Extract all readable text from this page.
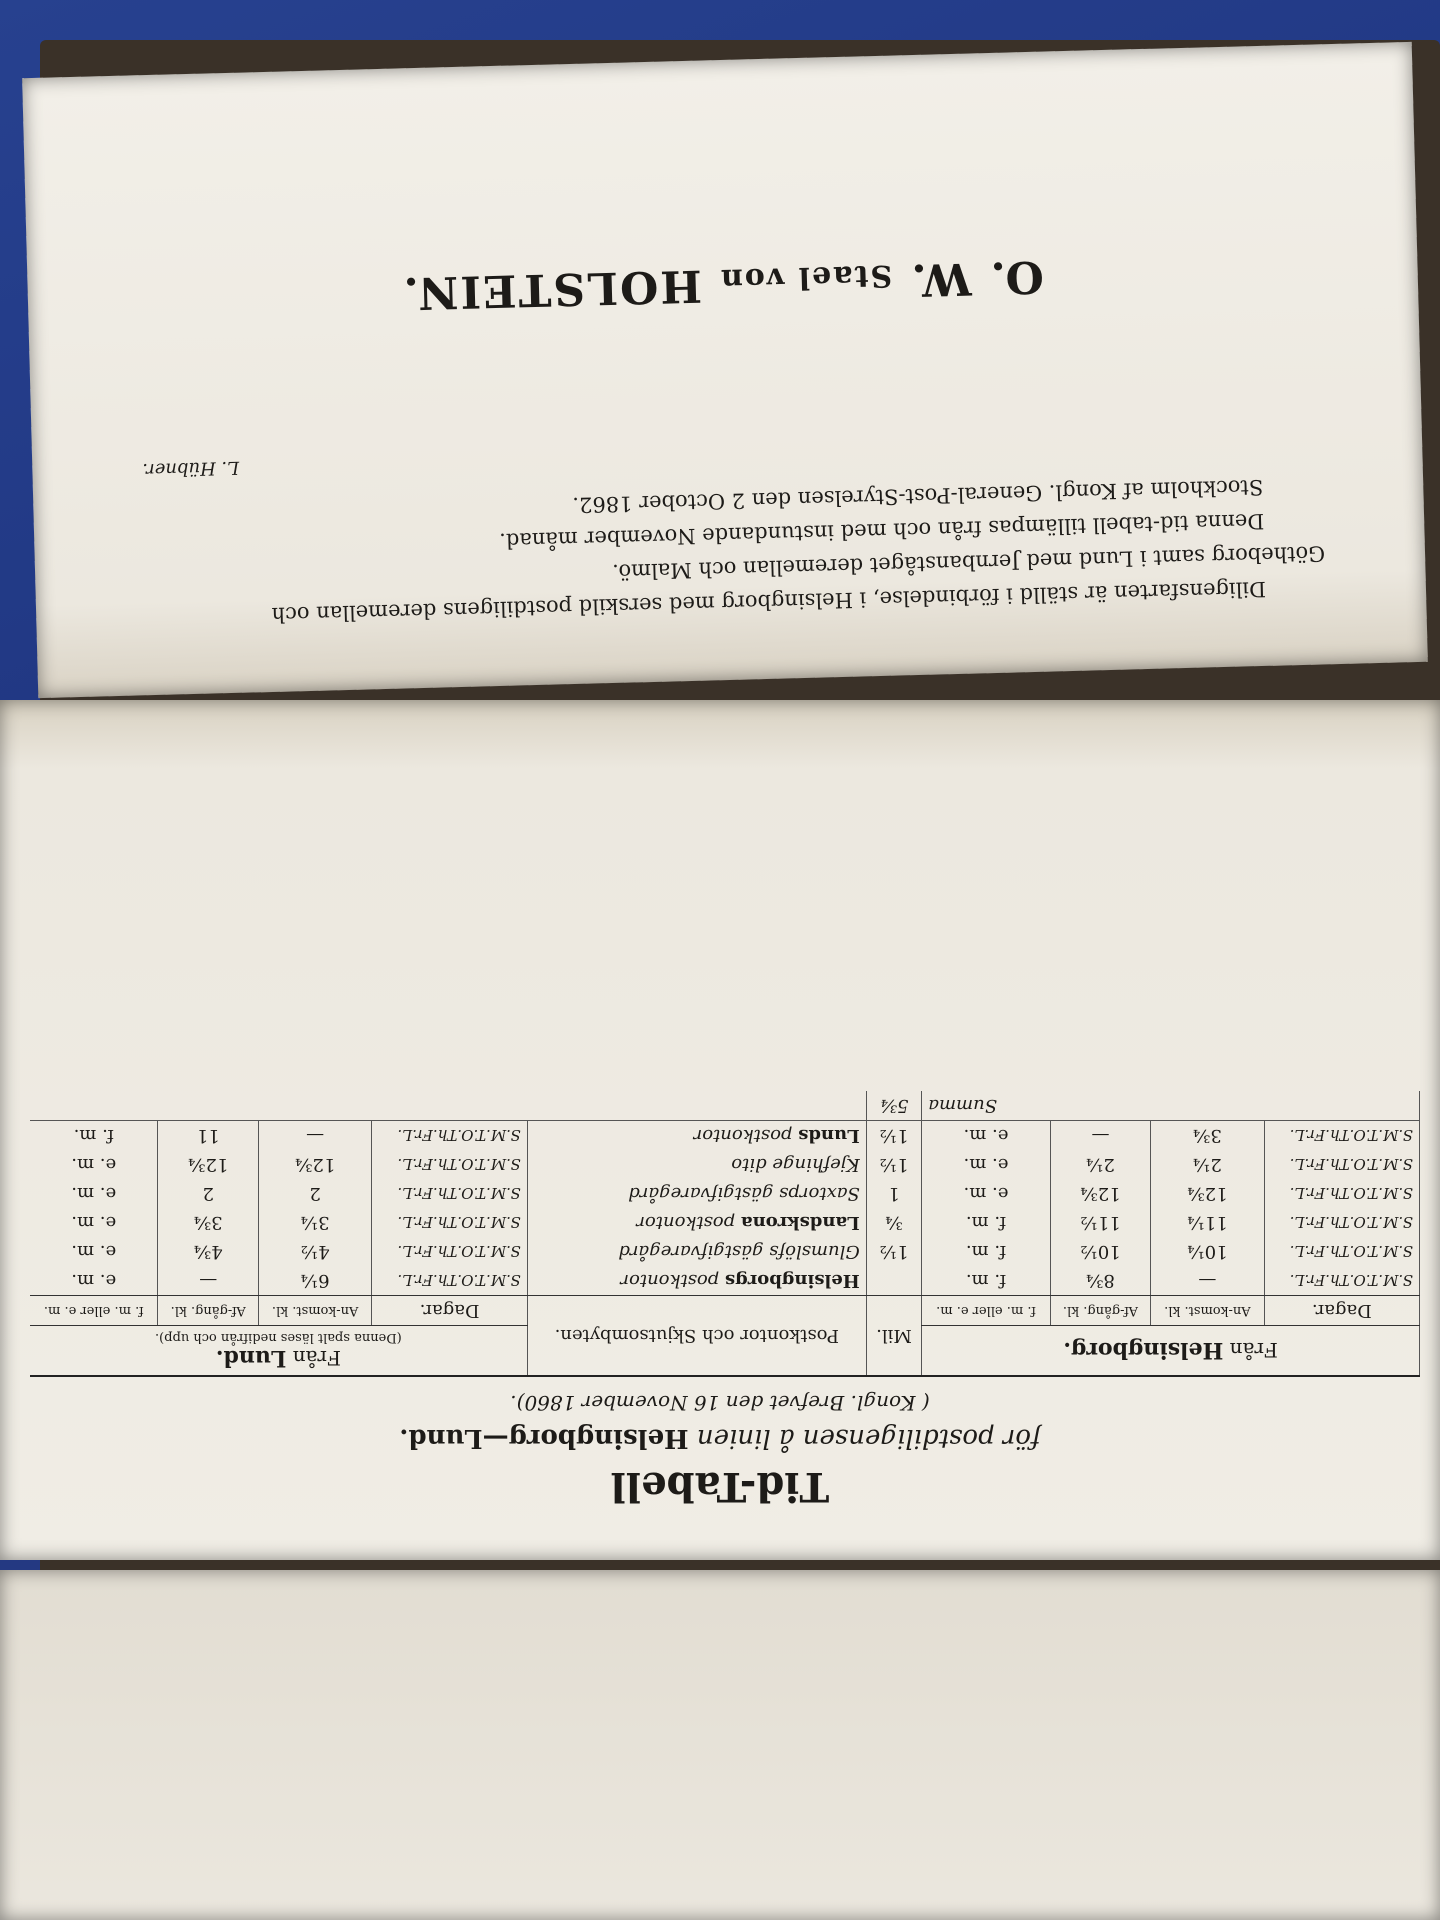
Diligensfarten är ställd i förbindelse, i Helsingborg med serskild postdiligens deremellan och

Götheborg samt i Lund med Jernbanståget deremellan och Malmö.

Denna tid-tabell tillämpas från och med instundande November månad.

Stockholm af Kongl. General-Post-Styrelsen den 2 October 1862.

O. W. Stael von HOLSTEIN.
L. Hübner.
Tid-Tabell
för postdiligensen å linien Helsingborg—Lund.
( Kongl. Brefvet den 16 November 1860).
Från Helsingborg.				Mil.	Postkontor och Skjutsombyten.	Från Lund.
(Denna spalt läses nedifrån och upp).			

Dagar.	An-komst. kl.	Af-gång. kl.	f. m. eller e. m.			Dagar.	An-komst. kl.	Af-gång. kl.	f. m. eller e. m.
S.M.T.O.Th.Fr.L.	—	8¾	f. m.		Helsingborgs postkontor	S.M.T.O.Th.Fr.L.	6¼	—	e. m.
S.M.T.O.Th.Fr.L.	10¼	10½	f. m.	1½	Glumslöfs gästgifvaregård	S.M.T.O.Th.Fr.L.	4½	4¾	e. m.
S.M.T.O.Th.Fr.L.	11¼	11½	f. m.	¾	Landskrona postkontor	S.M.T.O.Th.Fr.L.	3¼	3¾	e. m.
S.M.T.O.Th.Fr.L.	12¾	12¾	e. m.	1	Saxtorps gästgifvaregård	S.M.T.O.Th.Fr.L.	2	2	e. m.
S.M.T.O.Th.Fr.L.	2¼	2¼	e. m.	1½	Kjefhinge dito	S.M.T.O.Th.Fr.L.	12¾	12¾	e. m.
S.M.T.O.Th.Fr.L.	3¾	—	e. m.	1½	Lunds postkontor	S.M.T.O.Th.Fr.L.	—	11	f. m.
Summa				5¾					
